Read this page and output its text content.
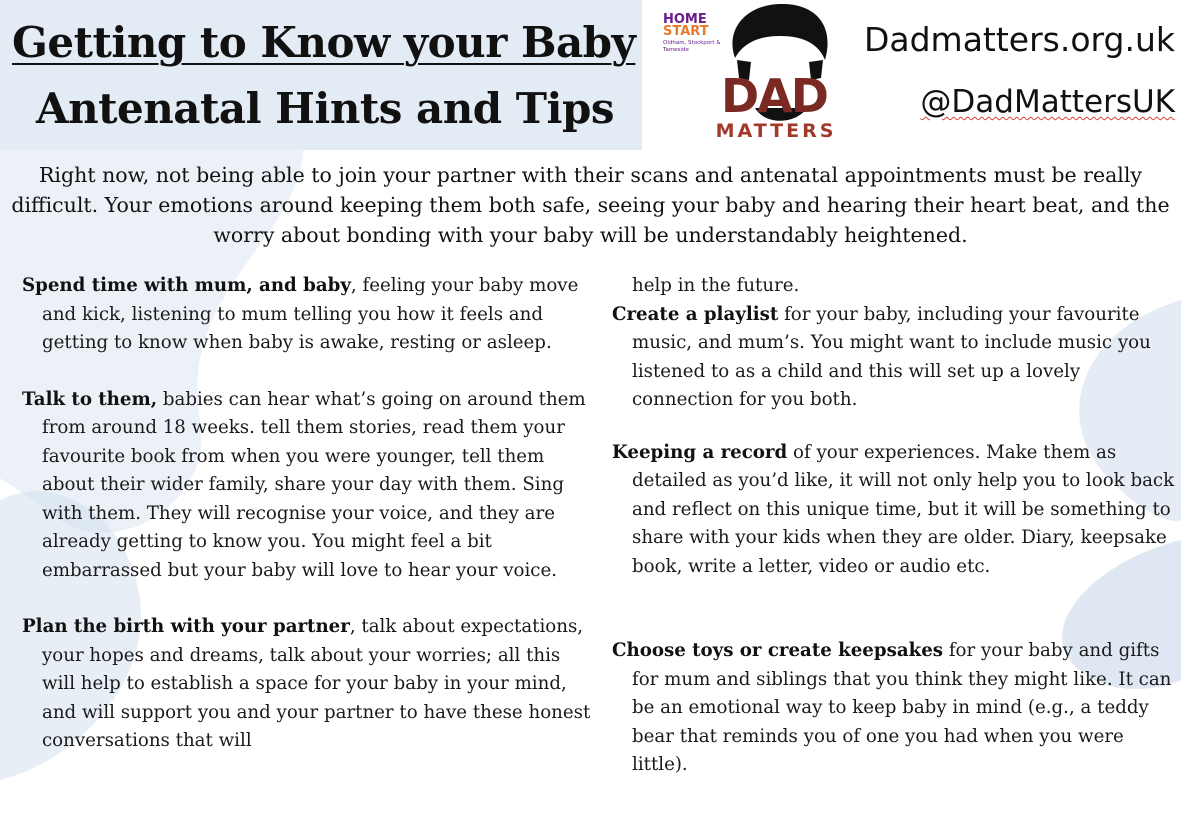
Getting to Know your Baby
Antenatal Hints and Tips
HOME
START
Oldham, Stockport & Tameside
DAD
MATTERS

Dadmatters.org.uk

@DadMattersUK

Right now, not being able to join your partner with their scans and antenatal appointments must be really difficult. Your emotions around keeping them both safe, seeing your baby and hearing their heart beat, and the worry about bonding with your baby will be understandably heightened.

Spend time with mum, and baby, feeling your baby move and kick, listening to mum telling you how it feels and getting to know when baby is awake, resting or asleep.

Talk to them, babies can hear what’s going on around them from around 18 weeks. tell them stories, read them your favourite book from when you were younger, tell them about their wider family, share your day with them. Sing with them. They will recognise your voice, and they are already getting to know you. You might feel a bit embarrassed but your baby will love to hear your voice.

Plan the birth with your partner, talk about expectations, your hopes and dreams, talk about your worries; all this will help to establish a space for your baby in your mind, and will support you and your partner to have these honest conversations that will

help in the future.

Create a playlist for your baby, including your favourite music, and mum’s. You might want to include music you listened to as a child and this will set up a lovely connection for you both.

Keeping a record of your experiences. Make them as detailed as you’d like, it will not only help you to look back and reflect on this unique time, but it will be something to share with your kids when they are older. Diary, keepsake book, write a letter, video or audio etc.

Choose toys or create keepsakes for your baby and gifts for mum and siblings that you think they might like. It can be an emotional way to keep baby in mind (e.g., a teddy bear that reminds you of one you had when you were little).
